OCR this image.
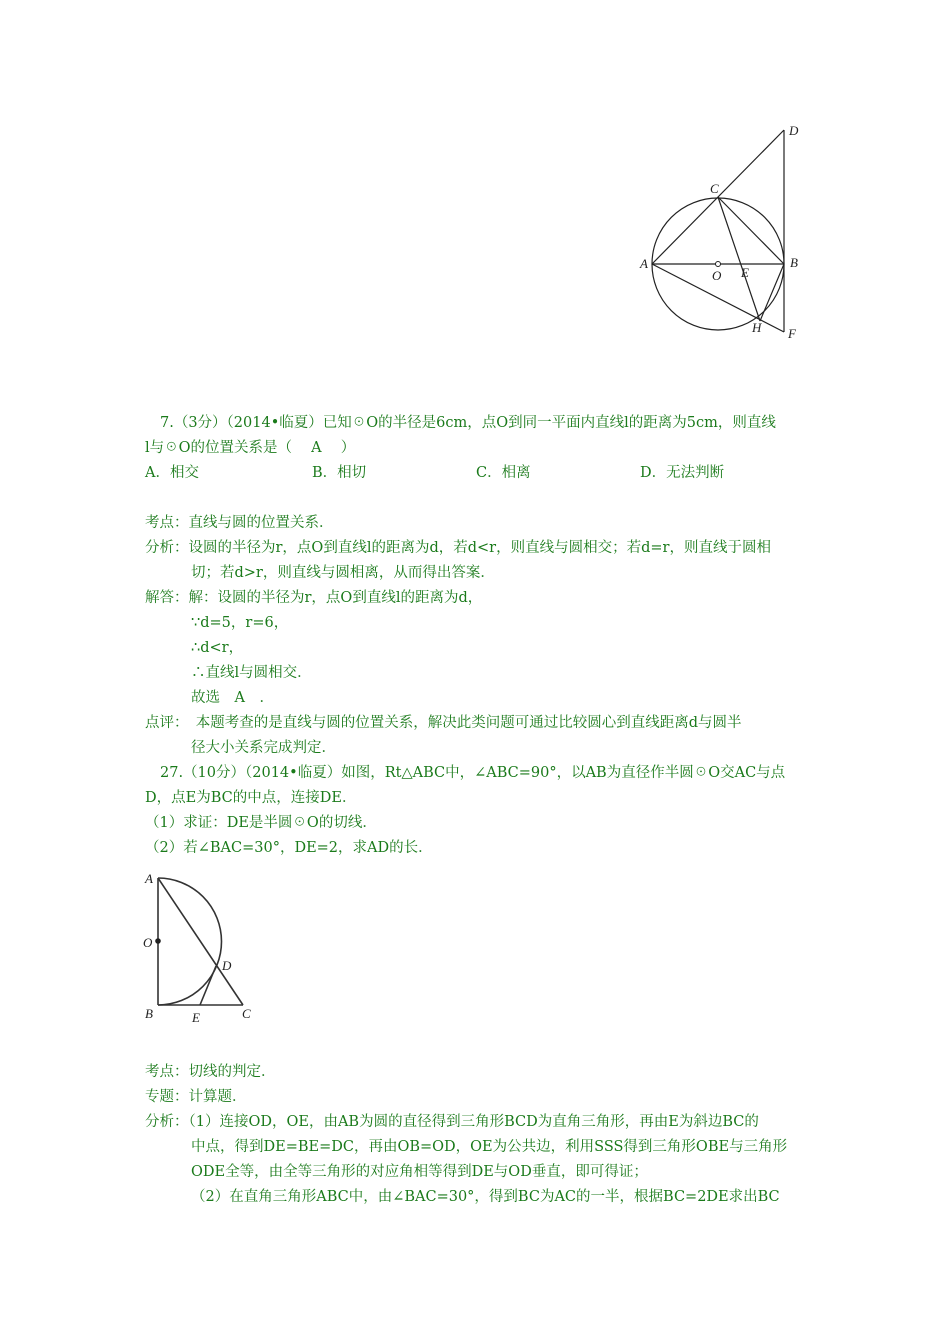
D
C
A
O E
B
H F
7.（3分）（2014•临夏）已知☉O的半径是6cm，点O到同一平面内直线l的距离为5cm，则直线
l与☉O的位置关系是（　 A　 ）
A．相交	B．相切	C．相离	D．无法判断
考点：直线与圆的位置关系．
分析：设圆的半径为r，点O到直线l的距离为d，若d<r，则直线与圆相交；若d=r，则直线于圆相
切；若d>r，则直线与圆相离，从而得出答案．
解答：解：设圆的半径为r，点O到直线l的距离为d，
∵d=5，r=6，
∴d<r，
∴直线l与圆相交．
故选　A　．
点评：　本题考查的是直线与圆的位置关系，解决此类问题可通过比较圆心到直线距离d与圆半
径大小关系完成判定．
27.（10分）（2014•临夏）如图，Rt△ABC中，∠ABC=90°，以AB为直径作半圆☉O交AC与点
D，点E为BC的中点，连接DE．
（1）求证：DE是半圆☉O的切线．
（2）若∠BAC=30°，DE=2，求AD的长．
A
O
D
B	E	C
考点：切线的判定．
专题：计算题．
分析：（1）连接OD，OE，由AB为圆的直径得到三角形BCD为直角三角形，再由E为斜边BC的
中点，得到DE=BE=DC，再由OB=OD，OE为公共边，利用SSS得到三角形OBE与三角形
ODE全等，由全等三角形的对应角相等得到DE与OD垂直，即可得证；
（2）在直角三角形ABC中，由∠BAC=30°，得到BC为AC的一半，根据BC=2DE求出BC
